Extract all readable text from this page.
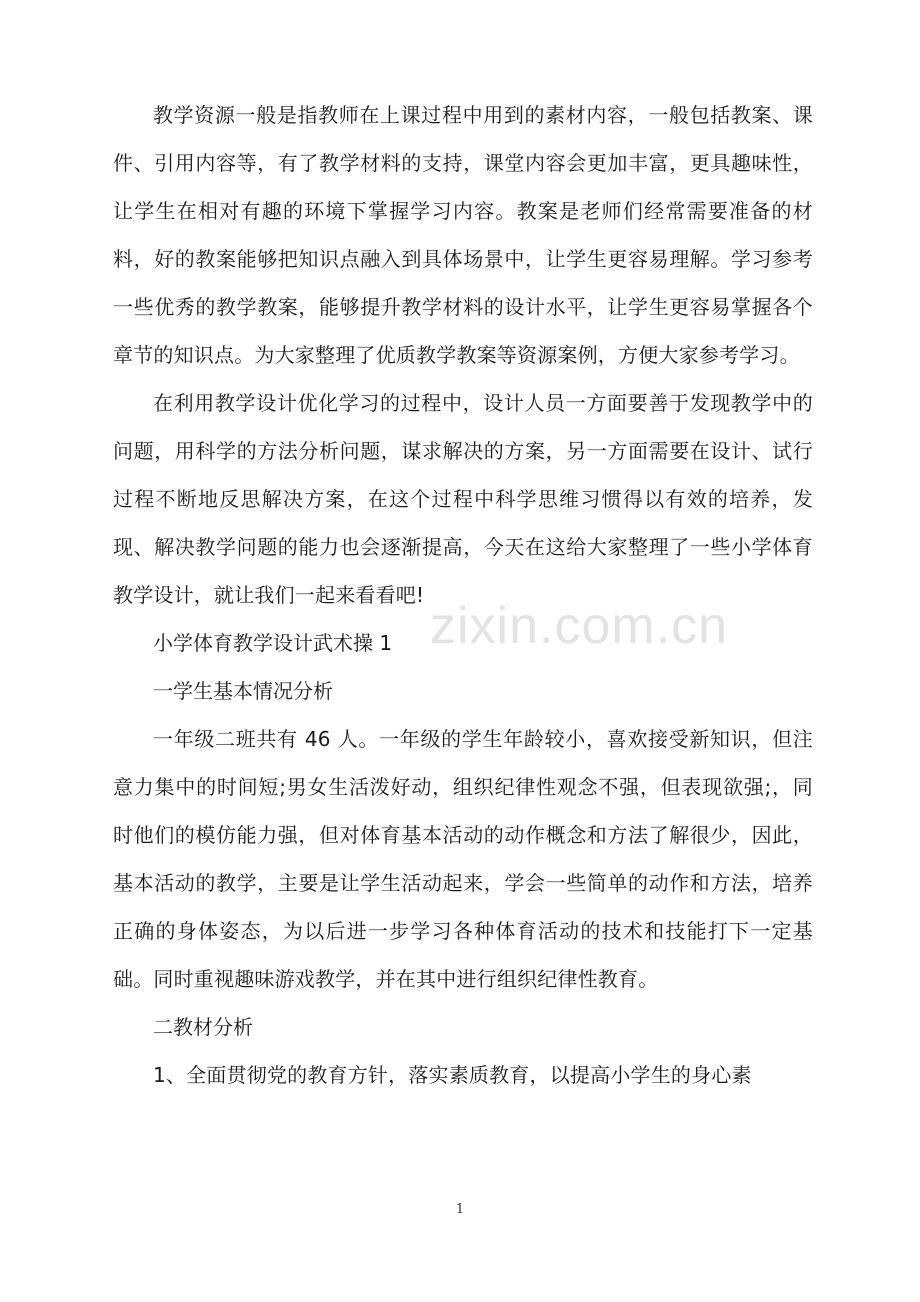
教学资源一般是指教师在上课过程中用到的素材内容，一般包括教案、课件、引用内容等，有了教学材料的支持，课堂内容会更加丰富，更具趣味性，让学生在相对有趣的环境下掌握学习内容。教案是老师们经常需要准备的材料，好的教案能够把知识点融入到具体场景中，让学生更容易理解。学习参考一些优秀的教学教案，能够提升教学材料的设计水平，让学生更容易掌握各个章节的知识点。为大家整理了优质教学教案等资源案例，方便大家参考学习。

在利用教学设计优化学习的过程中，设计人员一方面要善于发现教学中的问题，用科学的方法分析问题，谋求解决的方案，另一方面需要在设计、试行过程不断地反思解决方案，在这个过程中科学思维习惯得以有效的培养，发现、解决教学问题的能力也会逐渐提高，今天在这给大家整理了一些小学体育教学设计，就让我们一起来看看吧!

小学体育教学设计武术操 1

一学生基本情况分析

一年级二班共有 46 人。一年级的学生年龄较小，喜欢接受新知识，但注意力集中的时间短;男女生活泼好动，组织纪律性观念不强，但表现欲强;，同时他们的模仿能力强，但对体育基本活动的动作概念和方法了解很少，因此，基本活动的教学，主要是让学生活动起来，学会一些简单的动作和方法，培养正确的身体姿态，为以后进一步学习各种体育活动的技术和技能打下一定基础。同时重视趣味游戏教学，并在其中进行组织纪律性教育。

二教材分析

1、全面贯彻党的教育方针，落实素质教育，以提高小学生的身心素

zixin.com.cn
1
